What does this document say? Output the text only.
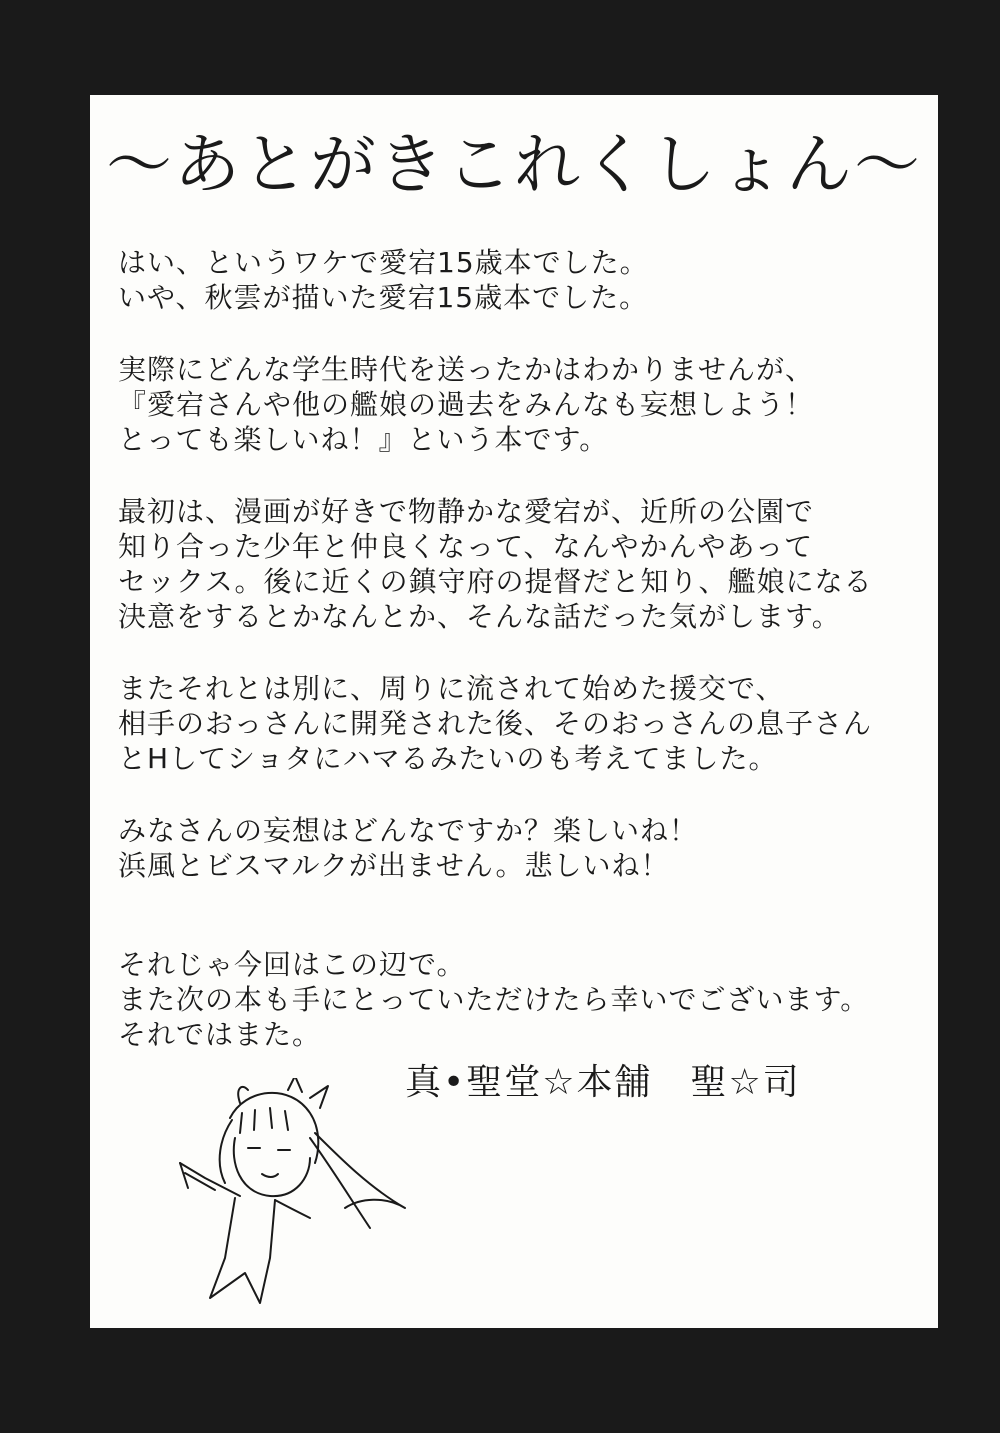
〜あとがきこれくしょん〜
はい、というワケで愛宕15歳本でした。
いや、秋雲が描いた愛宕15歳本でした。
実際にどんな学生時代を送ったかはわかりませんが、
『愛宕さんや他の艦娘の過去をみんなも妄想しよう！
とっても楽しいね！』という本です。
最初は、漫画が好きで物静かな愛宕が、近所の公園で
知り合った少年と仲良くなって、なんやかんやあって
セックス。後に近くの鎮守府の提督だと知り、艦娘になる
決意をするとかなんとか、そんな話だった気がします。
またそれとは別に、周りに流されて始めた援交で、
相手のおっさんに開発された後、そのおっさんの息子さん
とHしてショタにハマるみたいのも考えてました。
みなさんの妄想はどんなですか？楽しいね！
浜風とビスマルクが出ません。悲しいね！
それじゃ今回はこの辺で。
また次の本も手にとっていただけたら幸いでございます。
それではまた。
真•聖堂☆本舗　聖☆司
